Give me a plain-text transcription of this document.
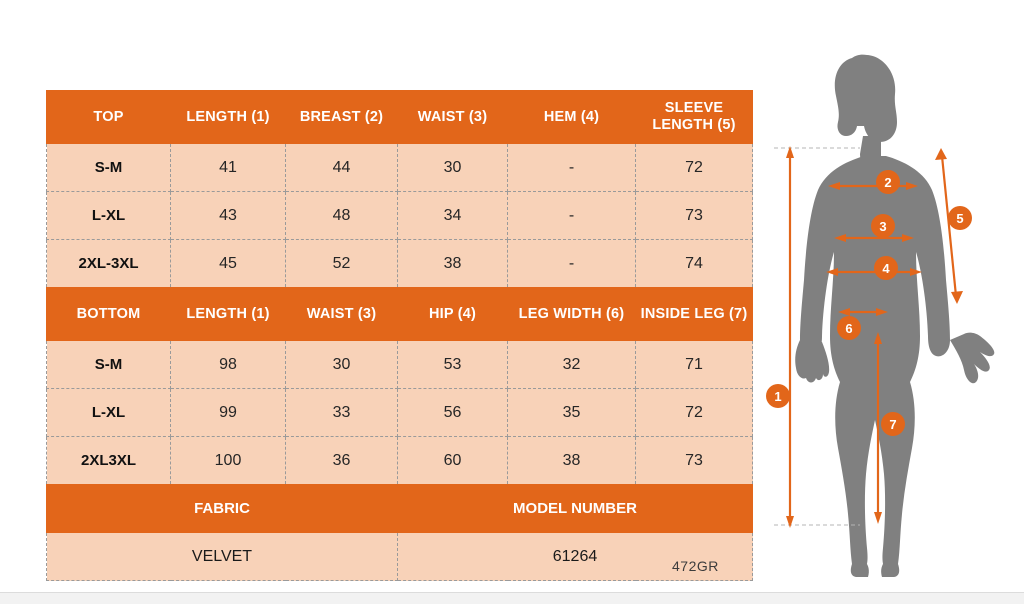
TOP	LENGTH (1)	BREAST (2)	WAIST (3)	HEM (4)	SLEEVE LENGTH (5)
S-M	41	44	30	-	72
L-XL	43	48	34	-	73
2XL-3XL	45	52	38	-	74
BOTTOM	LENGTH (1)	WAIST (3)	HIP (4)	LEG WIDTH (6)	INSIDE LEG (7)
S-M	98	30	53	32	71
L-XL	99	33	56	35	72
2XL3XL	100	36	60	38	73
FABRIC			MODEL NUMBER		
VELVET			61264		
472GR
1
2
3
4
5
6
7
